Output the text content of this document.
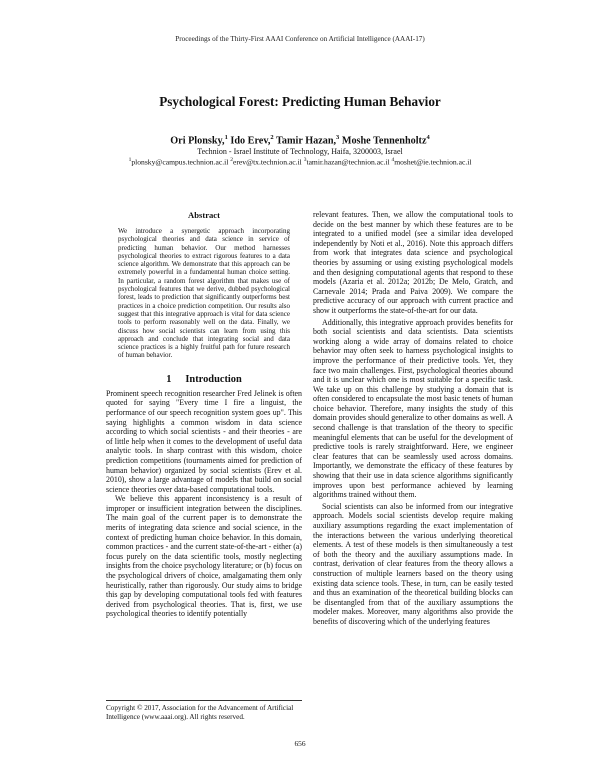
Proceedings of the Thirty-First AAAI Conference on Artificial Intelligence (AAAI-17)
Psychological Forest: Predicting Human Behavior
Ori Plonsky,$^1$ Ido Erev,$^2$ Tamir Hazan,$^3$ Moshe Tennenholtz$^4$
Technion - Israel Institute of Technology, Haifa, 3200003, Israel
$^1$plonsky@campus.technion.ac.il $^2$erev@tx.technion.ac.il $^3$tamir.hazan@technion.ac.il $^4$moshet@ie.technion.ac.il
Abstract

We introduce a synergetic approach incorporating psychological theories and data science in service of predicting human behavior. Our method harnesses psychological theories to extract rigorous features to a data science algorithm. We demonstrate that this approach can be extremely powerful in a fundamental human choice setting. In particular, a random forest algorithm that makes use of psychological features that we derive, dubbed psychological forest, leads to prediction that significantly outperforms best practices in a choice prediction competition. Our results also suggest that this integrative approach is vital for data science tools to perform reasonably well on the data. Finally, we discuss how social scientists can learn from using this approach and conclude that integrating social and data science practices is a highly fruitful path for future research of human behavior.

1 Introduction

Prominent speech recognition researcher Fred Jelinek is often quoted for saying "Every time I fire a linguist, the performance of our speech recognition system goes up". This saying highlights a common wisdom in data science according to which social scientists - and their theories - are of little help when it comes to the development of useful data analytic tools. In sharp contrast with this wisdom, choice prediction competitions (tournaments aimed for prediction of human behavior) organized by social scientists (Erev et al. 2010), show a large advantage of models that build on social science theories over data-based computational tools.

We believe this apparent inconsistency is a result of improper or insufficient integration between the disciplines. The main goal of the current paper is to demonstrate the merits of integrating data science and social science, in the context of predicting human choice behavior. In this domain, common practices - and the current state-of-the-art - either (a) focus purely on the data scientific tools, mostly neglecting insights from the choice psychology literature; or (b) focus on the psychological drivers of choice, amalgamating them only heuristically, rather than rigorously. Our study aims to bridge this gap by developing computational tools fed with features derived from psychological theories. That is, first, we use psychological theories to identify potentially

relevant features. Then, we allow the computational tools to decide on the best manner by which these features are to be integrated to a unified model (see a similar idea developed independently by Noti et al., 2016). Note this approach differs from work that integrates data science and psychological theories by assuming or using existing psychological models and then designing computational agents that respond to these models (Azaria et al. 2012a; 2012b; De Melo, Gratch, and Carnevale 2014; Prada and Paiva 2009). We compare the predictive accuracy of our approach with current practice and show it outperforms the state-of-the-art for our data.

Additionally, this integrative approach provides benefits for both social scientists and data scientists. Data scientists working along a wide array of domains related to choice behavior may often seek to harness psychological insights to improve the performance of their predictive tools. Yet, they face two main challenges. First, psychological theories abound and it is unclear which one is most suitable for a specific task. We take up on this challenge by studying a domain that is often considered to encapsulate the most basic tenets of human choice behavior. Therefore, many insights the study of this domain provides should generalize to other domains as well. A second challenge is that translation of the theory to specific meaningful elements that can be useful for the development of predictive tools is rarely straightforward. Here, we engineer clear features that can be seamlessly used across domains. Importantly, we demonstrate the efficacy of these features by showing that their use in data science algorithms significantly improves upon best performance achieved by learning algorithms trained without them.

Social scientists can also be informed from our integrative approach. Models social scientists develop require making auxiliary assumptions regarding the exact implementation of the interactions between the various underlying theoretical elements. A test of these models is then simultaneously a test of both the theory and the auxiliary assumptions made. In contrast, derivation of clear features from the theory allows a construction of multiple learners based on the theory using existing data science tools. These, in turn, can be easily tested and thus an examination of the theoretical building blocks can be disentangled from that of the auxiliary assumptions the modeler makes. Moreover, many algorithms also provide the benefits of discovering which of the underlying features

Copyright © 2017, Association for the Advancement of Artificial Intelligence (www.aaai.org). All rights reserved.
656
